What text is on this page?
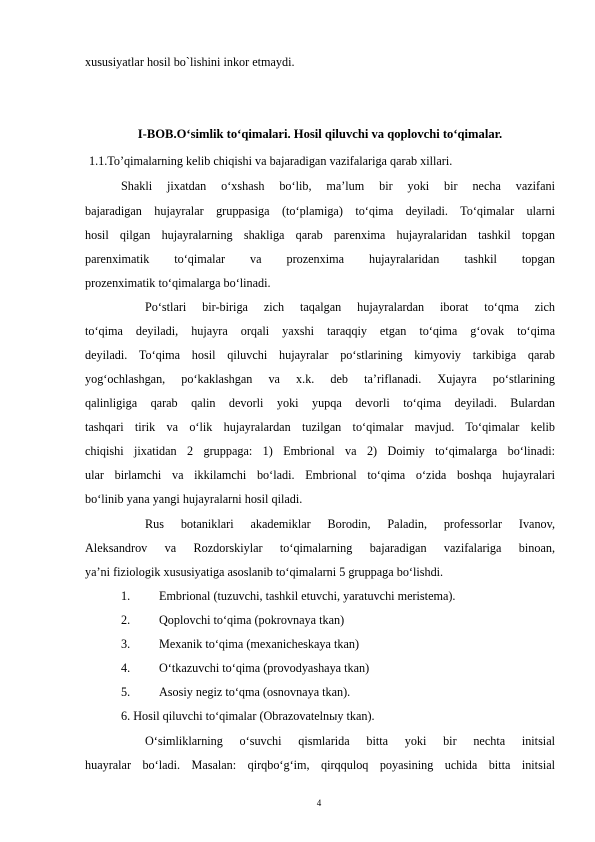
xususiyatlar hosil bo`lishini inkor etmaydi.
I-BOB.O‘simlik to‘qimalari. Hosil qiluvchi va qoplovchi to‘qimalar.
1.1.To’qimalarning kelib chiqishi va bajaradigan vazifalariga qarab xillari.
Shakli jixatdan o‘xshash bo‘lib, ma’lum bir yoki bir necha vazifani
bajaradigan hujayralar gruppasiga (to‘plamiga) to‘qima deyiladi. To‘qimalar ularni
hosil qilgan hujayralarning shakliga qarab parenxima hujayralaridan tashkil topgan
parenximatik to‘qimalar va prozenxima hujayralaridan tashkil topgan
prozenximatik to‘qimalarga bo‘linadi.
Po‘stlari bir-biriga zich taqalgan hujayralardan iborat to‘qma zich
to‘qima deyiladi, hujayra orqali yaxshi taraqqiy etgan to‘qima g‘ovak to‘qima
deyiladi. To‘qima hosil qiluvchi hujayralar po‘stlarining kimyoviy tarkibiga qarab
yog‘ochlashgan, po‘kaklashgan va x.k. deb ta’riflanadi. Xujayra po‘stlarining
qalinligiga qarab qalin devorli yoki yupqa devorli to‘qima deyiladi. Bulardan
tashqari tirik va o‘lik hujayralardan tuzilgan to‘qimalar mavjud. To‘qimalar kelib
chiqishi jixatidan 2 gruppaga: 1) Embrional va 2) Doimiy to‘qimalarga bo‘linadi:
ular birlamchi va ikkilamchi bo‘ladi. Embrional to‘qima o‘zida boshqa hujayralari
bo‘linib yana yangi hujayralarni hosil qiladi.
Rus botaniklari akademiklar Borodin, Paladin, professorlar Ivanov,
Aleksandrov va Rozdorskiylar to‘qimalarning bajaradigan vazifalariga binoan,
ya’ni fiziologik xususiyatiga asoslanib to‘qimalarni 5 gruppaga bo‘lishdi.
1. Embrional (tuzuvchi, tashkil etuvchi, yaratuvchi meristema).
2. Qoplovchi to‘qima (pokrovnaya tkan)
3. Mexanik to‘qima (mexanicheskaya tkan)
4. O‘tkazuvchi to‘qima (provodyashaya tkan)
5. Asosiy negiz to‘qma (osnovnaya tkan).
6. Hosil qiluvchi to‘qimalar (Obrazovatelnыy tkan).
O‘simliklarning o‘suvchi qismlarida bitta yoki bir nechta initsial
huayralar bo‘ladi. Masalan: qirqbo‘g‘im, qirqquloq poyasining uchida bitta initsial
4
